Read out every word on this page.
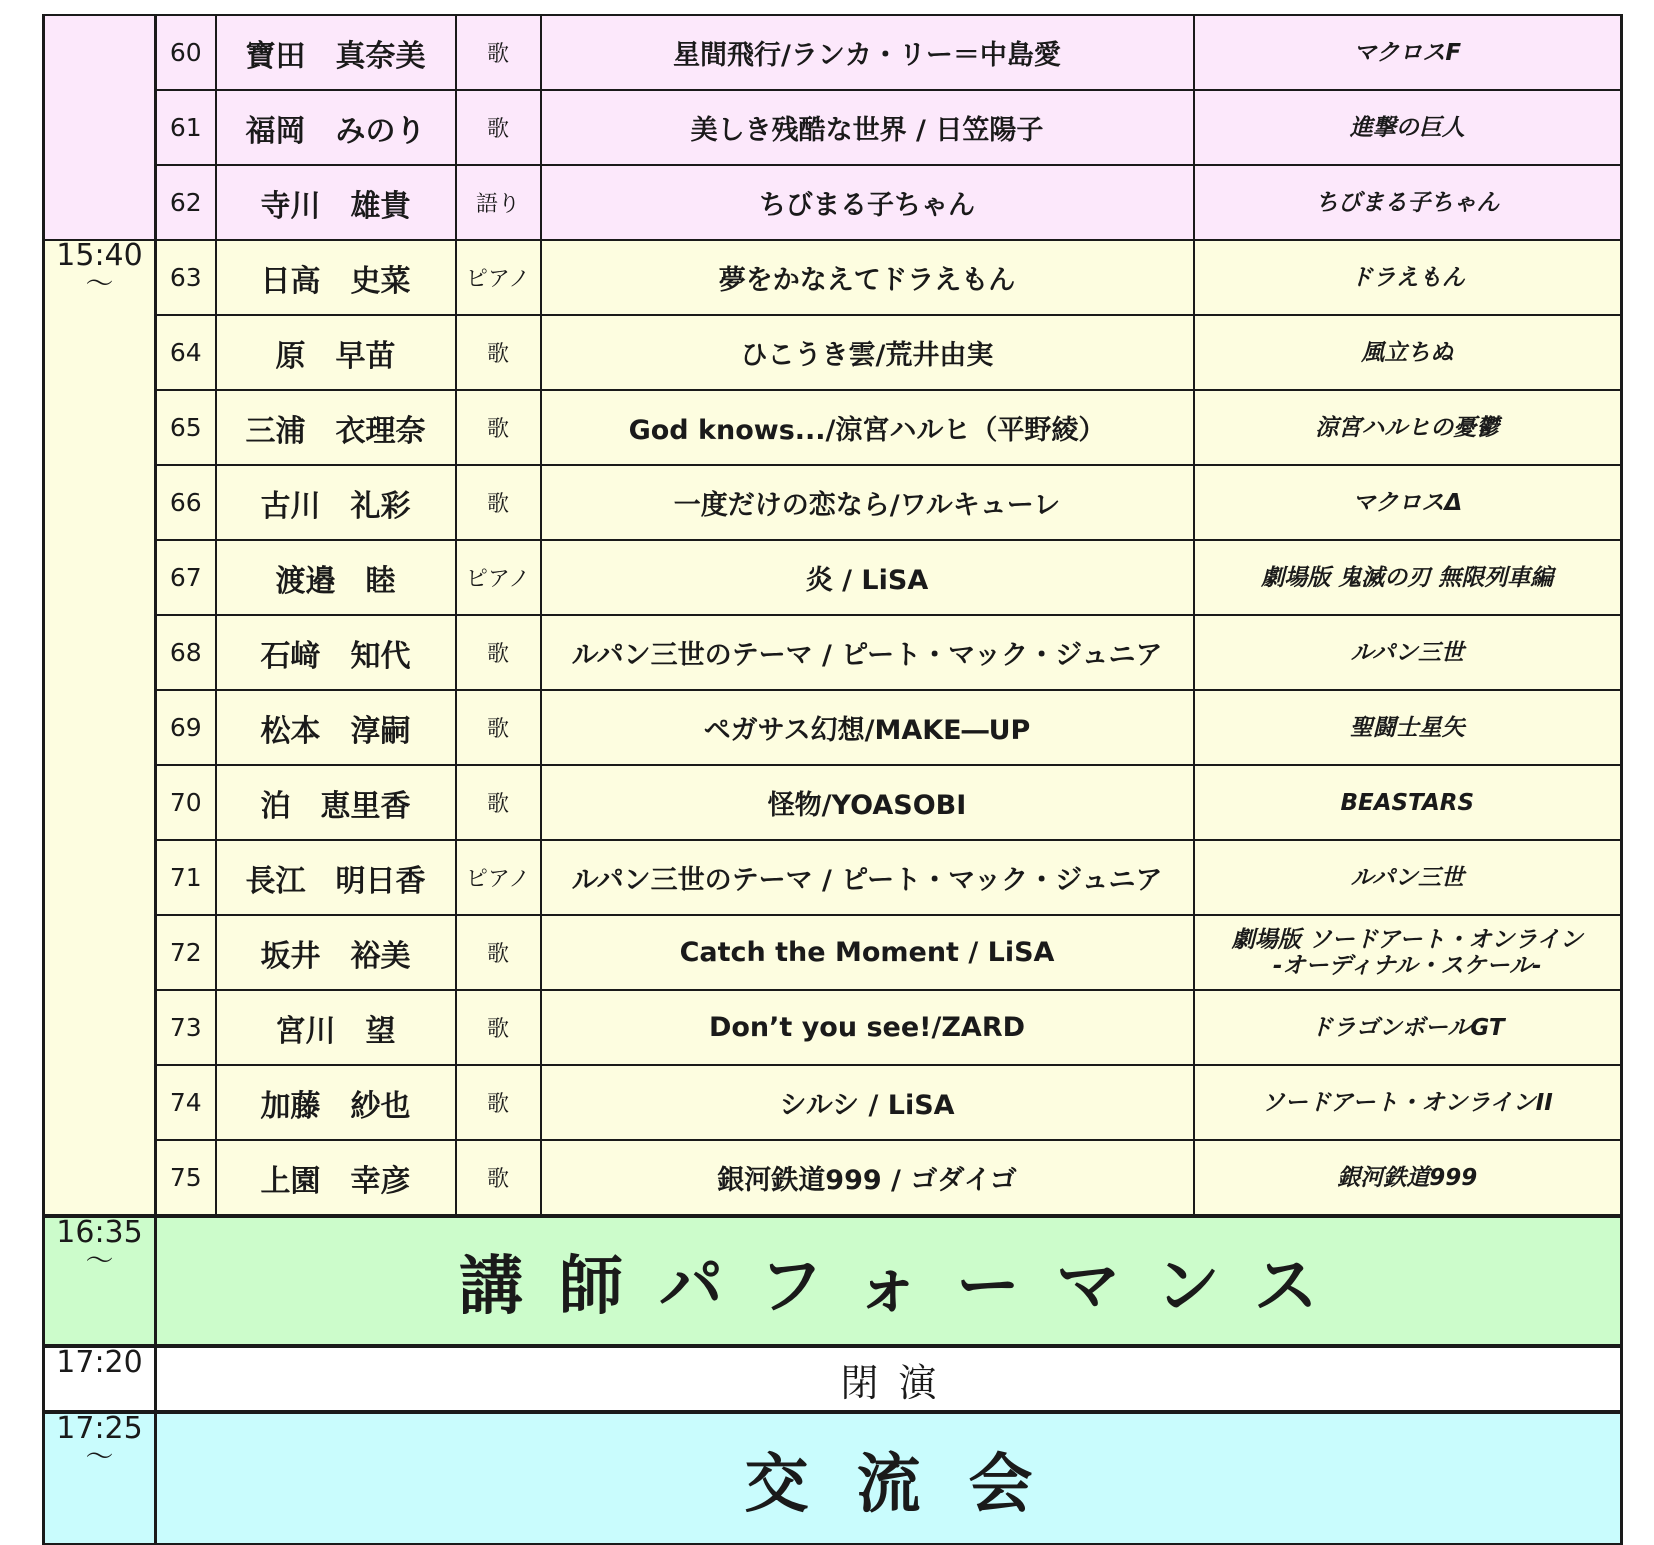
	60	寶田　真奈美	歌	星間飛行/ランカ・リー＝中島愛	マクロスF

	61	福岡　みのり	歌	美しき残酷な世界 / 日笠陽子	進撃の巨人

	62	寺川　雄貴	語り	ちびまる子ちゃん	ちびまる子ちゃん

15:40
～	63	日高　史菜	ピアノ	夢をかなえてドラえもん	ドラえもん

	64	原　早苗	歌	ひこうき雲/荒井由実	風立ちぬ

	65	三浦　衣理奈	歌	God knows.../涼宮ハルヒ（平野綾）	涼宮ハルヒの憂鬱

	66	古川　礼彩	歌	一度だけの恋なら/ワルキューレ	マクロスΔ

	67	渡邉　睦	ピアノ	炎 / LiSA	劇場版 鬼滅の刃 無限列車編

	68	石﨑　知代	歌	ルパン三世のテーマ / ピート・マック・ジュニア	ルパン三世

	69	松本　淳嗣	歌	ペガサス幻想/MAKE―UP	聖闘士星矢

	70	泊　恵里香	歌	怪物/YOASOBI	BEASTARS

	71	長江　明日香	ピアノ	ルパン三世のテーマ / ピート・マック・ジュニア	ルパン三世

	72	坂井　裕美	歌	Catch the Moment / LiSA	劇場版 ソードアート・オンライン
-オーディナル・スケール-

	73	宮川　望	歌	Don’t you see!/ZARD	ドラゴンボールGT

	74	加藤　紗也	歌	シルシ / LiSA	ソードアート・オンラインII

	75	上園　幸彦	歌	銀河鉄道999 / ゴダイゴ	銀河鉄道999

16:35
～	講師パフォーマンス				

17:20	閉演				

17:25
～	交流会				
